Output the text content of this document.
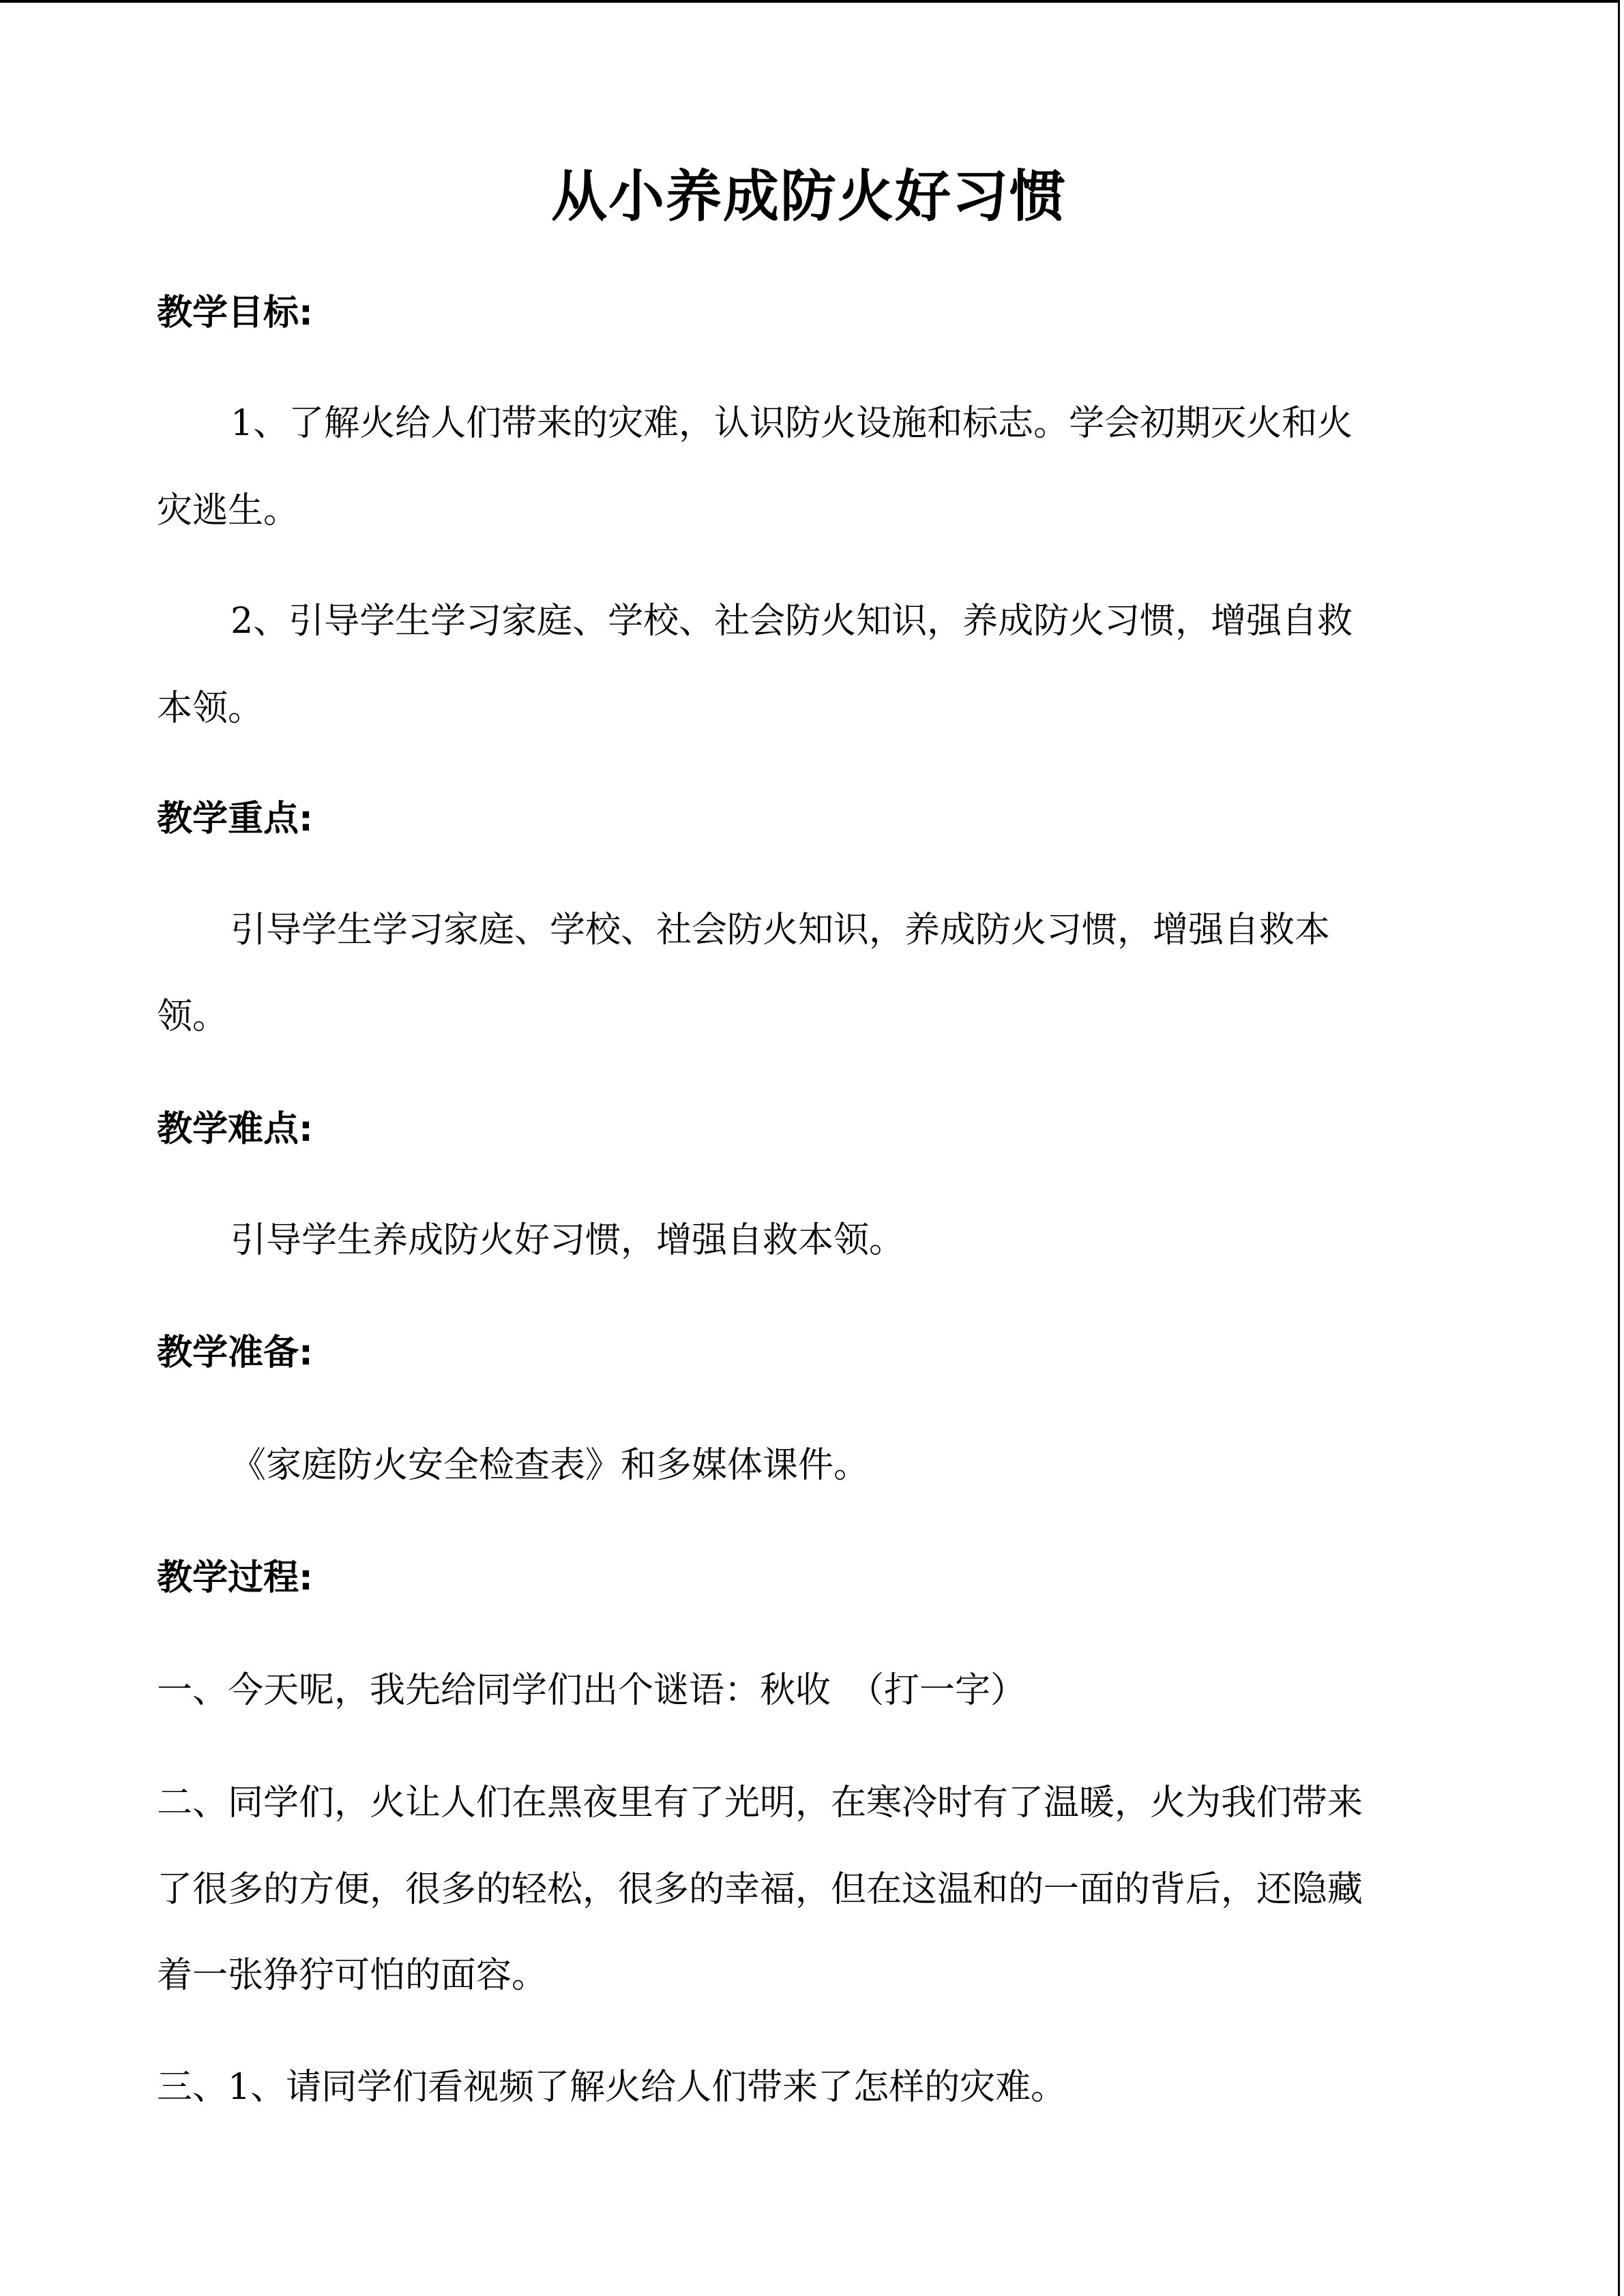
从小养成防火好习惯
教学目标:
1、了解火给人们带来的灾难，认识防火设施和标志。学会初期灭火和火
灾逃生。
2、引导学生学习家庭、学校、社会防火知识，养成防火习惯，增强自救
本领。
教学重点:
引导学生学习家庭、学校、社会防火知识，养成防火习惯，增强自救本
领。
教学难点:
引导学生养成防火好习惯，增强自救本领。
教学准备:
《家庭防火安全检查表》和多媒体课件。
教学过程:
一、今天呢，我先给同学们出个谜语：秋收　（打一字）
二、同学们，火让人们在黑夜里有了光明，在寒冷时有了温暖，火为我们带来
了很多的方便，很多的轻松，很多的幸福，但在这温和的一面的背后，还隐藏
着一张狰狞可怕的面容。
三、1、请同学们看视频了解火给人们带来了怎样的灾难。
